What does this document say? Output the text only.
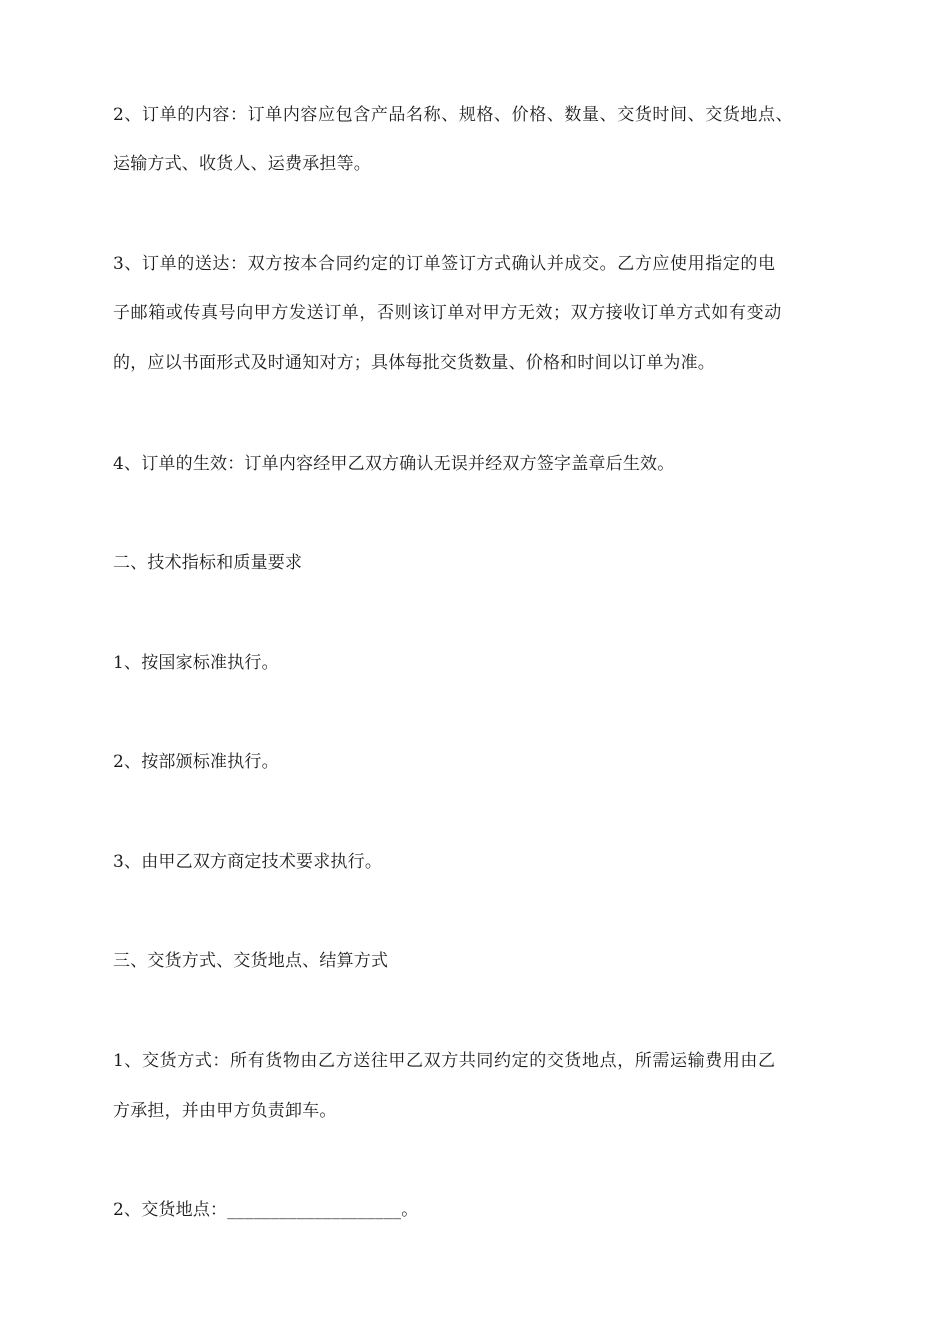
2、订单的内容：订单内容应包含产品名称、规格、价格、数量、交货时间、交货地点、
运输方式、收货人、运费承担等。
3、订单的送达：双方按本合同约定的订单签订方式确认并成交。乙方应使用指定的电
子邮箱或传真号向甲方发送订单，否则该订单对甲方无效；双方接收订单方式如有变动
的，应以书面形式及时通知对方；具体每批交货数量、价格和时间以订单为准。
4、订单的生效：订单内容经甲乙双方确认无误并经双方签字盖章后生效。
二、技术指标和质量要求
1、按国家标准执行。
2、按部颁标准执行。
3、由甲乙双方商定技术要求执行。
三、交货方式、交货地点、结算方式
1、交货方式：所有货物由乙方送往甲乙双方共同约定的交货地点，所需运输费用由乙
方承担，并由甲方负责卸车。
2、交货地点：____________________。
